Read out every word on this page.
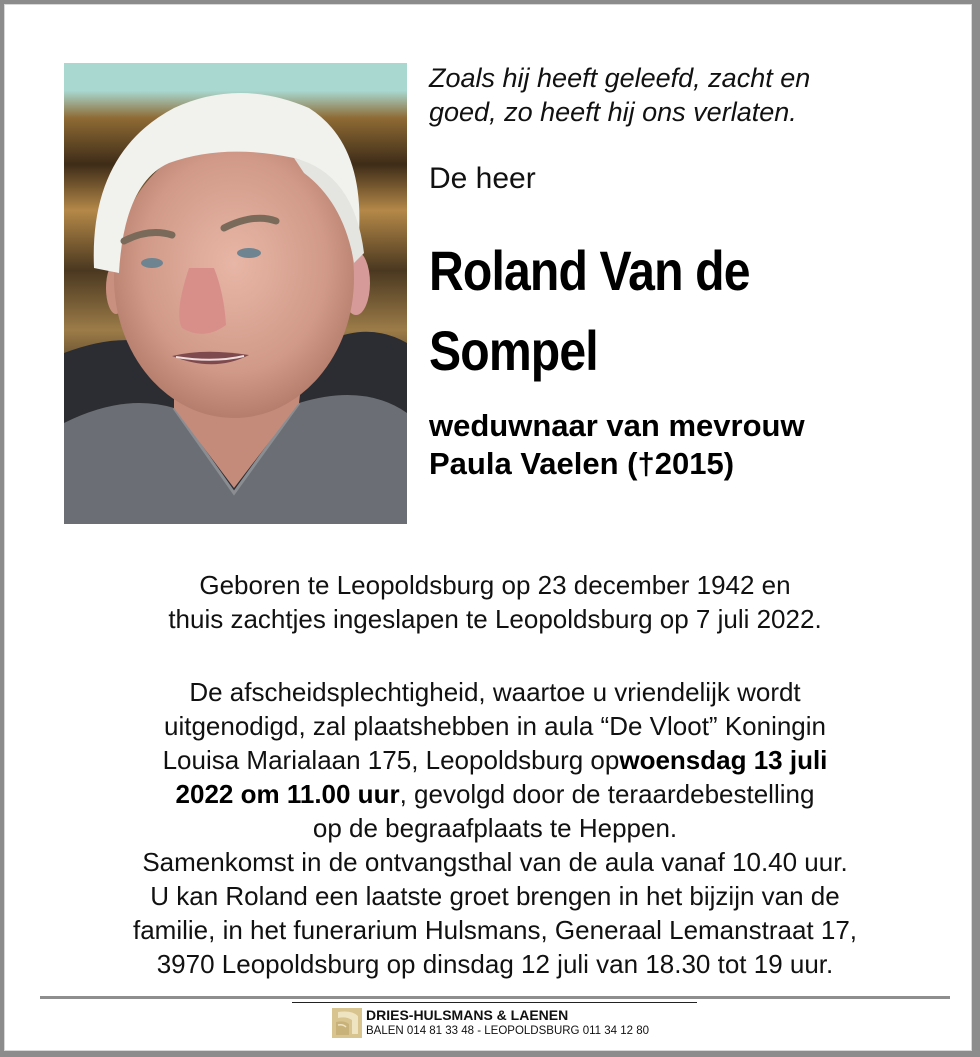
Zoals hij heeft geleefd, zacht en
goed, zo heeft hij ons verlaten.
De heer
Roland Van de
Sompel
weduwnaar van mevrouw
Paula Vaelen (†2015)
Geboren te Leopoldsburg op 23 december 1942 en
thuis zachtjes ingeslapen te Leopoldsburg op 7 juli 2022.
De afscheidsplechtigheid, waartoe u vriendelijk wordt
uitgenodigd, zal plaatshebben in aula “De Vloot” Koningin
Louisa Marialaan 175, Leopoldsburg opwoensdag 13 juli
2022 om 11.00 uur, gevolgd door de teraardebestelling
op de begraafplaats te Heppen.
Samenkomst in de ontvangsthal van de aula vanaf 10.40 uur.
U kan Roland een laatste groet brengen in het bijzijn van de
familie, in het funerarium Hulsmans, Generaal Lemanstraat 17,
3970 Leopoldsburg op dinsdag 12 juli van 18.30 tot 19 uur.
DRIES-HULSMANS & LAENEN
BALEN 014 81 33 48 - LEOPOLDSBURG 011 34 12 80
